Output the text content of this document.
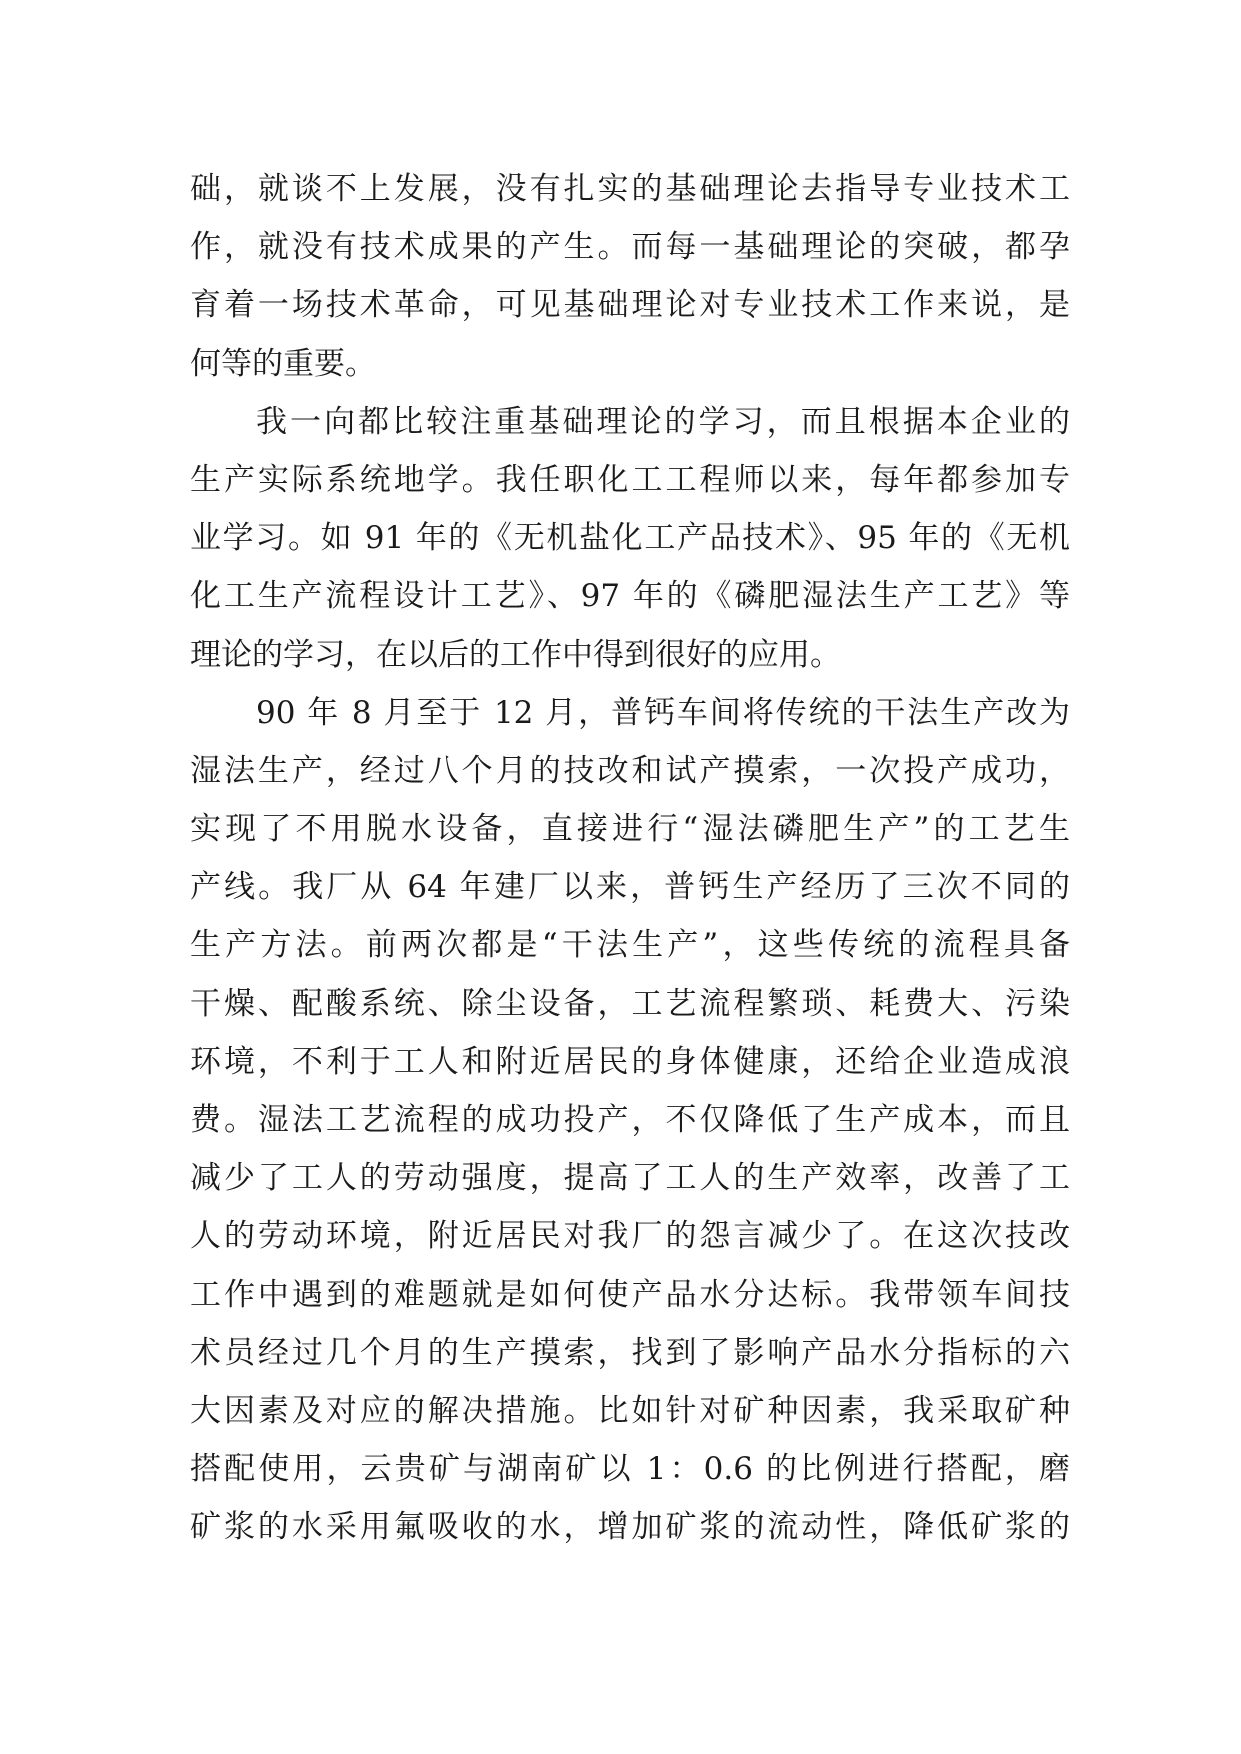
础，就谈不上发展，没有扎实的基础理论去指导专业技术工
作，就没有技术成果的产生。而每一基础理论的突破，都孕
育着一场技术革命，可见基础理论对专业技术工作来说，是
何等的重要。
我一向都比较注重基础理论的学习，而且根据本企业的
生产实际系统地学。我任职化工工程师以来，每年都参加专
业学习。如 91 年的《无机盐化工产品技术》、95 年的《无机
化工生产流程设计工艺》、97 年的《磷肥湿法生产工艺》等
理论的学习，在以后的工作中得到很好的应用。
90 年 8 月至于 12 月，普钙车间将传统的干法生产改为
湿法生产，经过八个月的技改和试产摸索，一次投产成功，
实现了不用脱水设备，直接进行“湿法磷肥生产”的工艺生
产线。我厂从 64 年建厂以来，普钙生产经历了三次不同的
生产方法。前两次都是“干法生产”，这些传统的流程具备
干燥、配酸系统、除尘设备，工艺流程繁琐、耗费大、污染
环境，不利于工人和附近居民的身体健康，还给企业造成浪
费。湿法工艺流程的成功投产，不仅降低了生产成本，而且
减少了工人的劳动强度，提高了工人的生产效率，改善了工
人的劳动环境，附近居民对我厂的怨言减少了。在这次技改
工作中遇到的难题就是如何使产品水分达标。我带领车间技
术员经过几个月的生产摸索，找到了影响产品水分指标的六
大因素及对应的解决措施。比如针对矿种因素，我采取矿种
搭配使用，云贵矿与湖南矿以 1：0.6 的比例进行搭配，磨
矿浆的水采用氟吸收的水，增加矿浆的流动性，降低矿浆的
